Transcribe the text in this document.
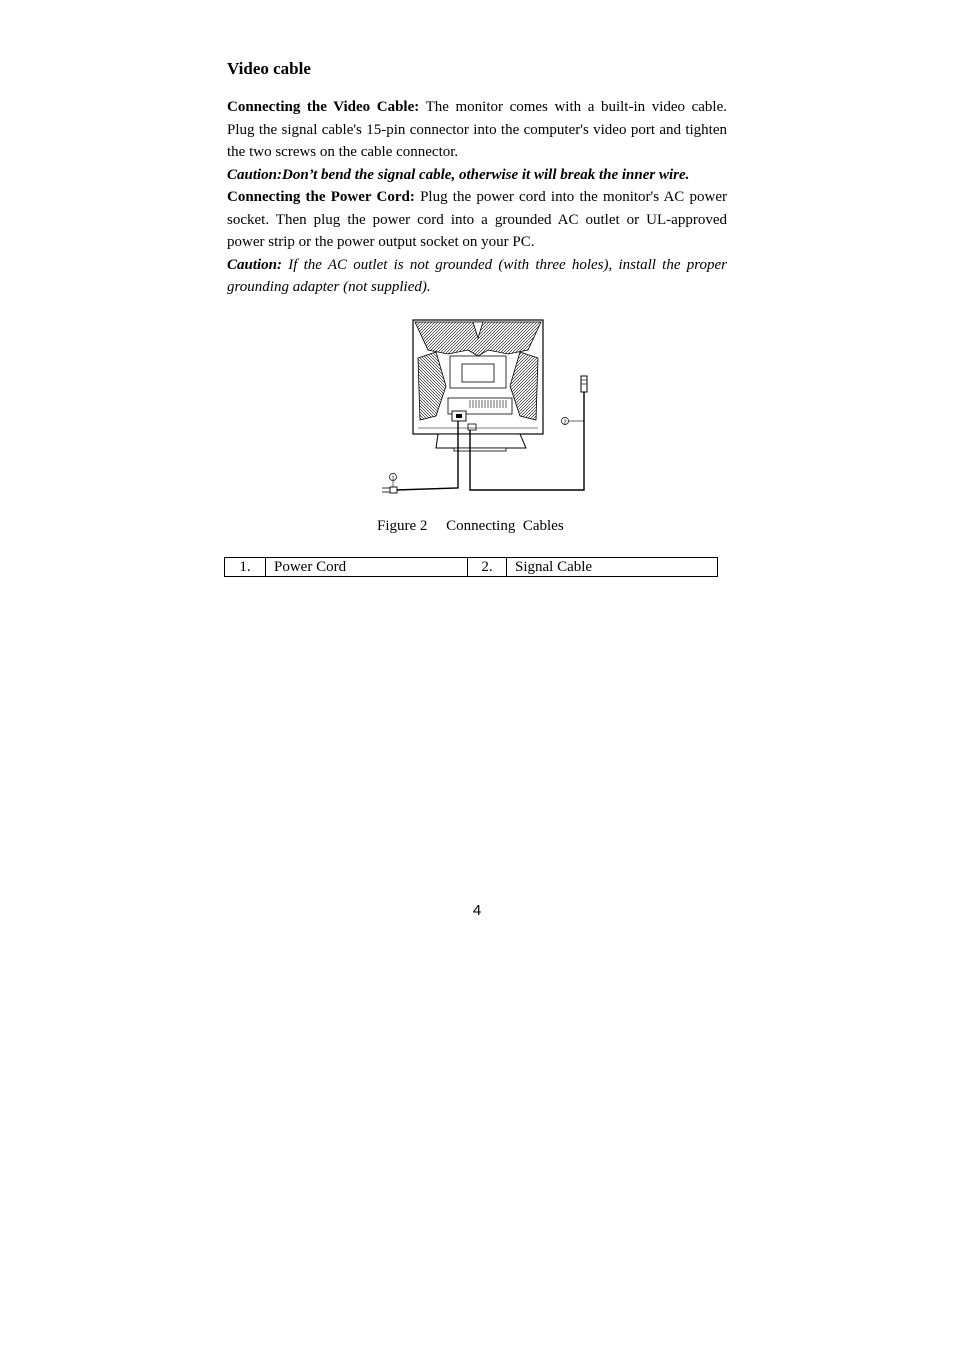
Video cable

Connecting the Video Cable: The monitor comes with a built-in video cable. Plug the signal cable's 15-pin connector into the computer's video port and tighten the two screws on the cable connector.

Caution:Don’t bend the signal cable, otherwise it will break the inner wire.

Connecting the Power Cord: Plug the power cord into the monitor's AC power socket. Then plug the power cord into a grounded AC outlet or UL-approved power strip or the power output socket on your PC.

Caution: If the AC outlet is not grounded (with three holes), install the proper grounding adapter (not supplied).

2
1
Figure 2 Connecting  Cables
1.	Power Cord	2.	Signal Cable
4
